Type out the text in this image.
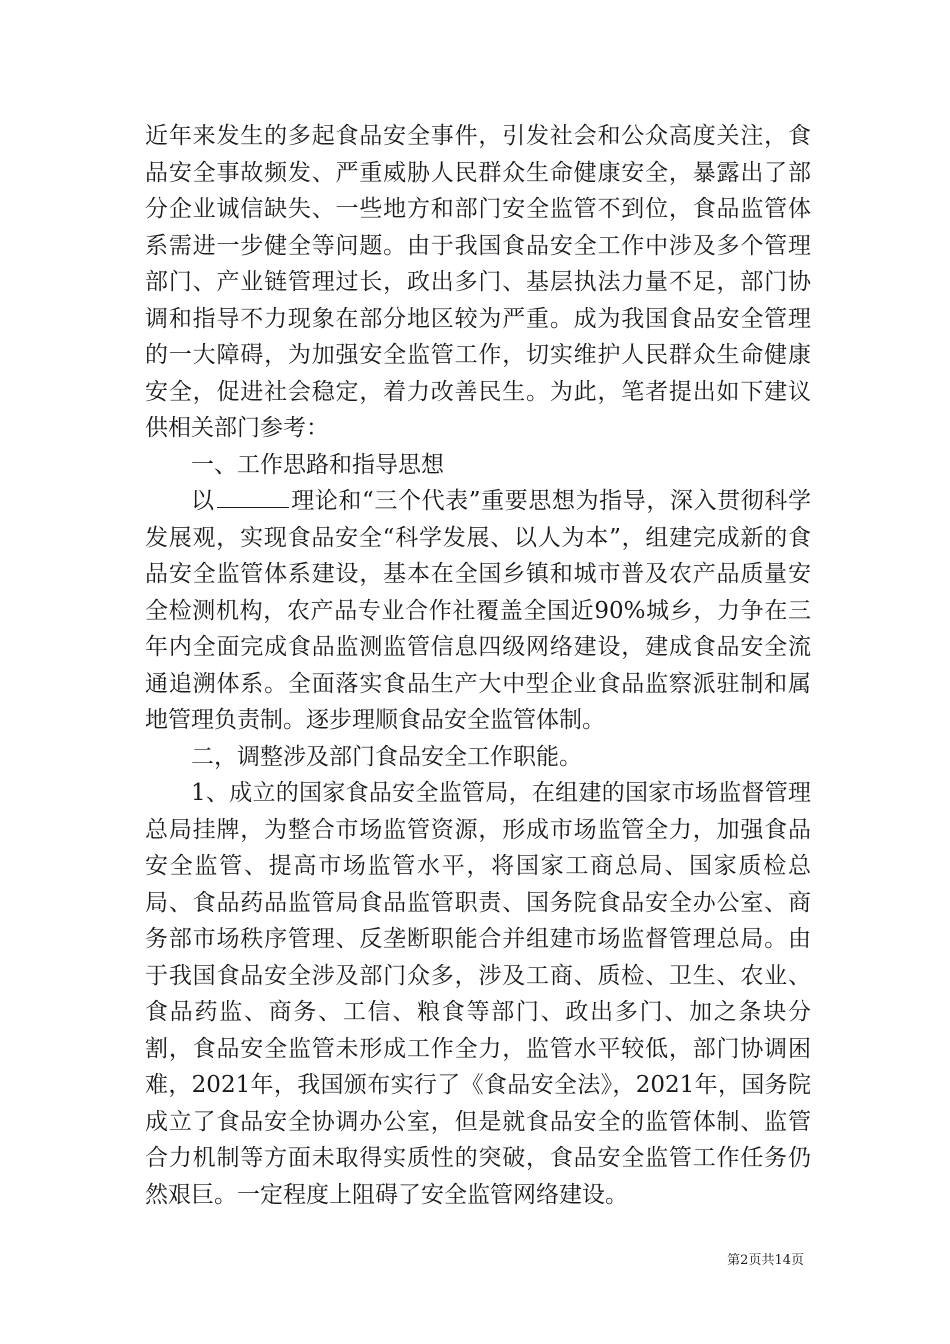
近年来发生的多起食品安全事件，引发社会和公众高度关注，食品安全事故频发、严重威胁人民群众生命健康安全，暴露出了部分企业诚信缺失、一些地方和部门安全监管不到位，食品监管体系需进一步健全等问题。由于我国食品安全工作中涉及多个管理部门、产业链管理过长，政出多门、基层执法力量不足，部门协调和指导不力现象在部分地区较为严重。成为我国食品安全管理的一大障碍，为加强安全监管工作，切实维护人民群众生命健康安全，促进社会稳定，着力改善民生。为此，笔者提出如下建议供相关部门参考：

一、工作思路和指导思想

以	理论和“三个代表”重要思想为指导，深入贯彻科学发展观，实现食品安全“科学发展、以人为本”，组建完成新的食品安全监管体系建设，基本在全国乡镇和城市普及农产品质量安全检测机构，农产品专业合作社覆盖全国近90%城乡，力争在三年内全面完成食品监测监管信息四级网络建设，建成食品安全流通追溯体系。全面落实食品生产大中型企业食品监察派驻制和属地管理负责制。逐步理顺食品安全监管体制。

二，调整涉及部门食品安全工作职能。

1、成立的国家食品安全监管局，在组建的国家市场监督管理总局挂牌，为整合市场监管资源，形成市场监管全力，加强食品安全监管、提高市场监管水平，将国家工商总局、国家质检总局、食品药品监管局食品监管职责、国务院食品安全办公室、商务部市场秩序管理、反垄断职能合并组建市场监督管理总局。由于我国食品安全涉及部门众多，涉及工商、质检、卫生、农业、食品药监、商务、工信、粮食等部门、政出多门、加之条块分割，食品安全监管未形成工作全力，监管水平较低，部门协调困难，2021年，我国颁布实行了《食品安全法》，2021年，国务院成立了食品安全协调办公室，但是就食品安全的监管体制、监管合力机制等方面未取得实质性的突破，食品安全监管工作任务仍然艰巨。一定程度上阻碍了安全监管网络建设。

第2页共14页
